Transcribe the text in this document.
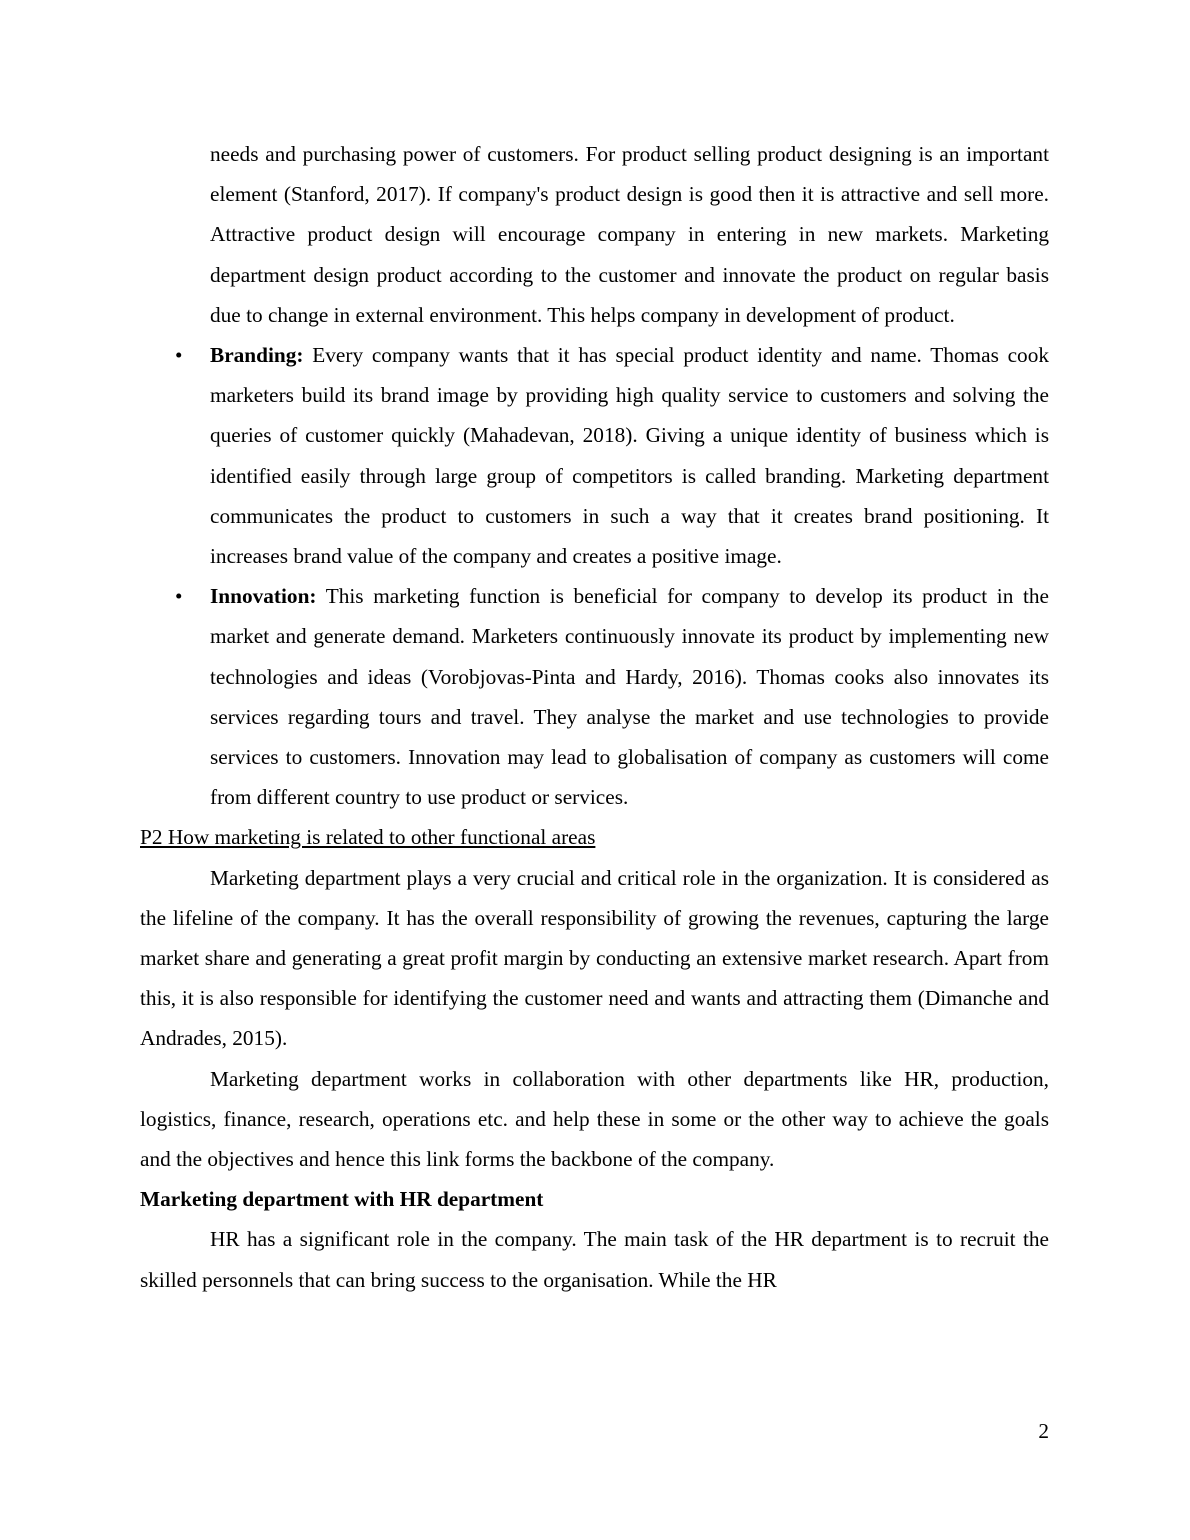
needs and purchasing power of customers. For product selling product designing is an important element (Stanford, 2017). If company's product design is good then it is attractive and sell more. Attractive product design will encourage company in entering in new markets. Marketing department design product according to the customer and innovate the product on regular basis due to change in external environment. This helps company in development of product.

• Branding: Every company wants that it has special product identity and name. Thomas cook marketers build its brand image by providing high quality service to customers and solving the queries of customer quickly (Mahadevan, 2018). Giving a unique identity of business which is identified easily through large group of competitors is called branding. Marketing department communicates the product to customers in such a way that it creates brand positioning. It increases brand value of the company and creates a positive image.

• Innovation: This marketing function is beneficial for company to develop its product in the market and generate demand. Marketers continuously innovate its product by implementing new technologies and ideas (Vorobjovas-Pinta and Hardy, 2016). Thomas cooks also innovates its services regarding tours and travel. They analyse the market and use technologies to provide services to customers. Innovation may lead to globalisation of company as customers will come from different country to use product or services.

P2 How marketing is related to other functional areas

Marketing department plays a very crucial and critical role in the organization. It is considered as the lifeline of the company. It has the overall responsibility of growing the revenues, capturing the large market share and generating a great profit margin by conducting an extensive market research. Apart from this, it is also responsible for identifying the customer need and wants and attracting them (Dimanche and Andrades, 2015).

Marketing department works in collaboration with other departments like HR, production, logistics, finance, research, operations etc. and help these in some or the other way to achieve the goals and the objectives and hence this link forms the backbone of the company.

Marketing department with HR department

HR has a significant role in the company. The main task of the HR department is to recruit the skilled personnels that can bring success to the organisation. While the HR

2
